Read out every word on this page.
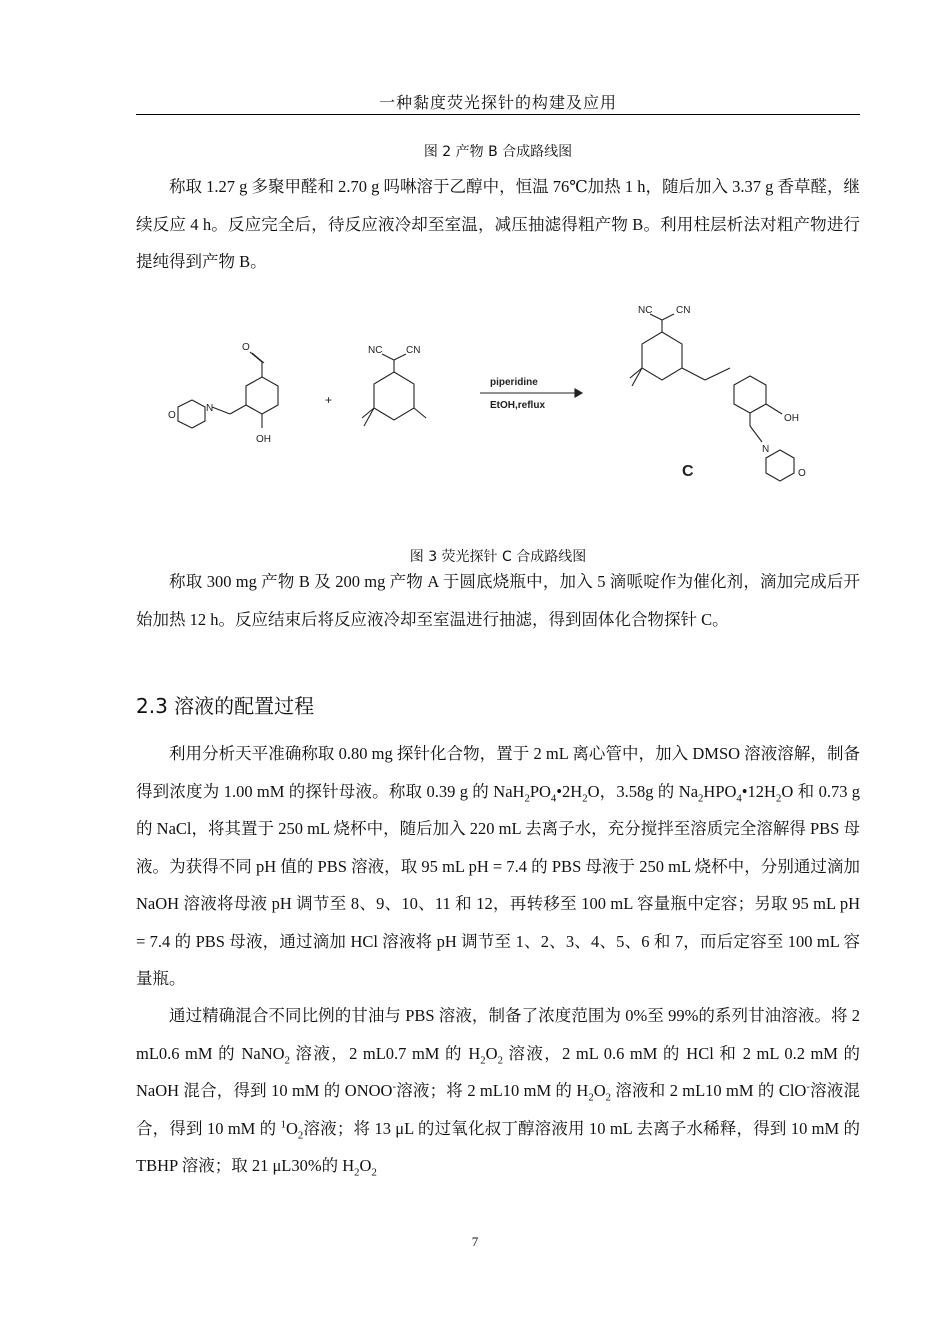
一种黏度荧光探针的构建及应用
图 2 产物 B 合成路线图

称取 1.27 g 多聚甲醛和 2.70 g 吗啉溶于乙醇中，恒温 76℃加热 1 h，随后加入 3.37 g 香草醛，继续反应 4 h。反应完全后，待反应液冷却至室温，减压抽滤得粗产物 B。利用柱层析法对粗产物进行提纯得到产物 B。

O
OH
O
N
+
NC CN
piperidine
EtOH,reflux
NC CN
OH
N
O
C
图 3 荧光探针 C 合成路线图

称取 300 mg 产物 B 及 200 mg 产物 A 于圆底烧瓶中，加入 5 滴哌啶作为催化剂，滴加完成后开始加热 12 h。反应结束后将反应液冷却至室温进行抽滤，得到固体化合物探针 C。

2.3 溶液的配置过程

利用分析天平准确称取 0.80 mg 探针化合物，置于 2 mL 离心管中，加入 DMSO 溶液溶解，制备得到浓度为 1.00 mM 的探针母液。称取 0.39 g 的 $NaH_2PO_4•2H_2O$，3.58g 的 $Na_2HPO_4•12H_2O$ 和 0.73 g 的 NaCl，将其置于 250 mL 烧杯中，随后加入 220 mL 去离子水，充分搅拌至溶质完全溶解得 PBS 母液。为获得不同 pH 值的 PBS 溶液，取 95 mL pH = 7.4 的 PBS 母液于 250 mL 烧杯中，分别通过滴加 NaOH 溶液将母液 pH 调节至 8、9、10、11 和 12，再转移至 100 mL 容量瓶中定容；另取 95 mL pH = 7.4 的 PBS 母液，通过滴加 HCl 溶液将 pH 调节至 1、2、3、4、5、6 和 7，而后定容至 100 mL 容量瓶。

通过精确混合不同比例的甘油与 PBS 溶液，制备了浓度范围为 0%至 99%的系列甘油溶液。将 2 mL0.6 mM 的 NaNO$_2$ 溶液，2 mL0.7 mM 的 $H_2O_2$ 溶液，2 mL 0.6 mM 的 HCl 和 2 mL 0.2 mM 的 NaOH 混合，得到 10 mM 的 ONOO-溶液；将 2 mL10 mM 的 $H_2O_2$ 溶液和 2 mL10 mM 的 ClO-溶液混合，得到 10 mM 的 $^1O_2$溶液；将 13 μL 的过氧化叔丁醇溶液用 10 mL 去离子水稀释，得到 10 mM 的 TBHP 溶液；取 21 μL30%的 $H_2O_2$

7
